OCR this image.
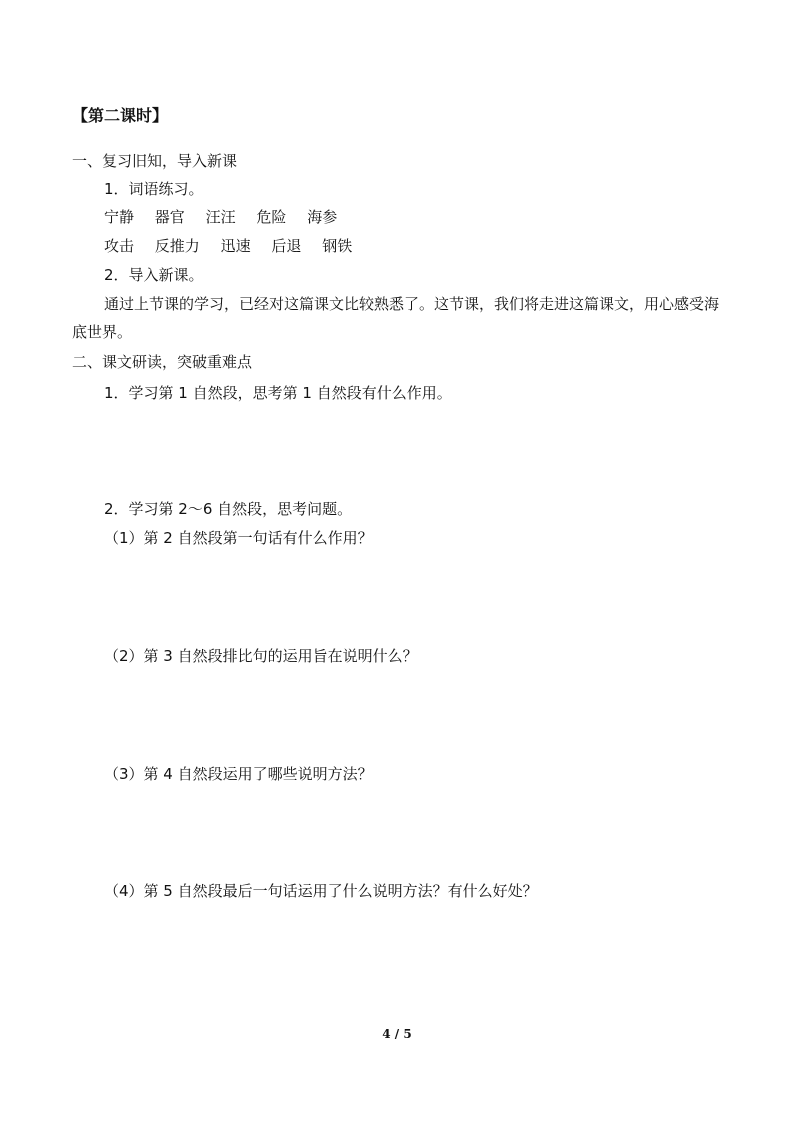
【第二课时】
一、复习旧知，导入新课
1．词语练习。
宁静 器官 汪汪 危险 海参
攻击 反推力 迅速 后退 钢铁
2．导入新课。
通过上节课的学习，已经对这篇课文比较熟悉了。这节课，我们将走进这篇课文，用心感受海底世界。
二、课文研读，突破重难点
1．学习第 1 自然段，思考第 1 自然段有什么作用。
2．学习第 2～6 自然段，思考问题。
（1）第 2 自然段第一句话有什么作用？
（2）第 3 自然段排比句的运用旨在说明什么？
（3）第 4 自然段运用了哪些说明方法？
（4）第 5 自然段最后一句话运用了什么说明方法？有什么好处？
4 / 5
